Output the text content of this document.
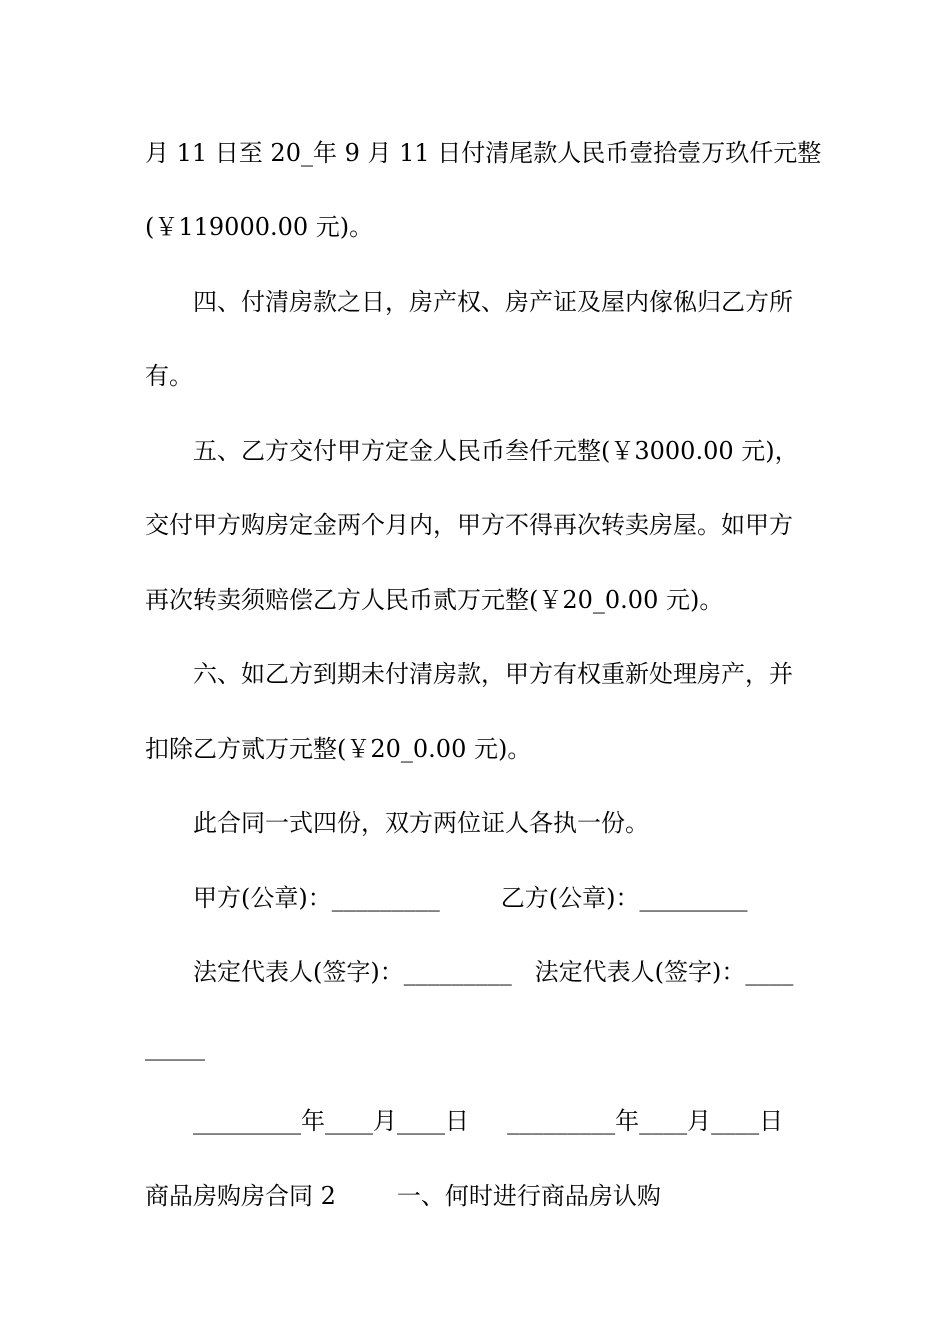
月 11 日至 20_年 9 月 11 日付清尾款人民币壹拾壹万玖仟元整
(￥119000.00 元)。
四、付清房款之日，房产权、房产证及屋内傢俬归乙方所
有。
五、乙方交付甲方定金人民币叁仟元整(￥3000.00 元)，
交付甲方购房定金两个月内，甲方不得再次转卖房屋。如甲方
再次转卖须赔偿乙方人民币贰万元整(￥20_0.00 元)。
六、如乙方到期未付清房款，甲方有权重新处理房产，并
扣除乙方贰万元整(￥20_0.00 元)。
此合同一式四份，双方两位证人各执一份。
甲方(公章)：_________        乙方(公章)：_________
法定代表人(签字)：_________   法定代表人(签字)：____
_____
_________年____月____日     _________年____月____日
商品房购房合同 2        一、何时进行商品房认购
